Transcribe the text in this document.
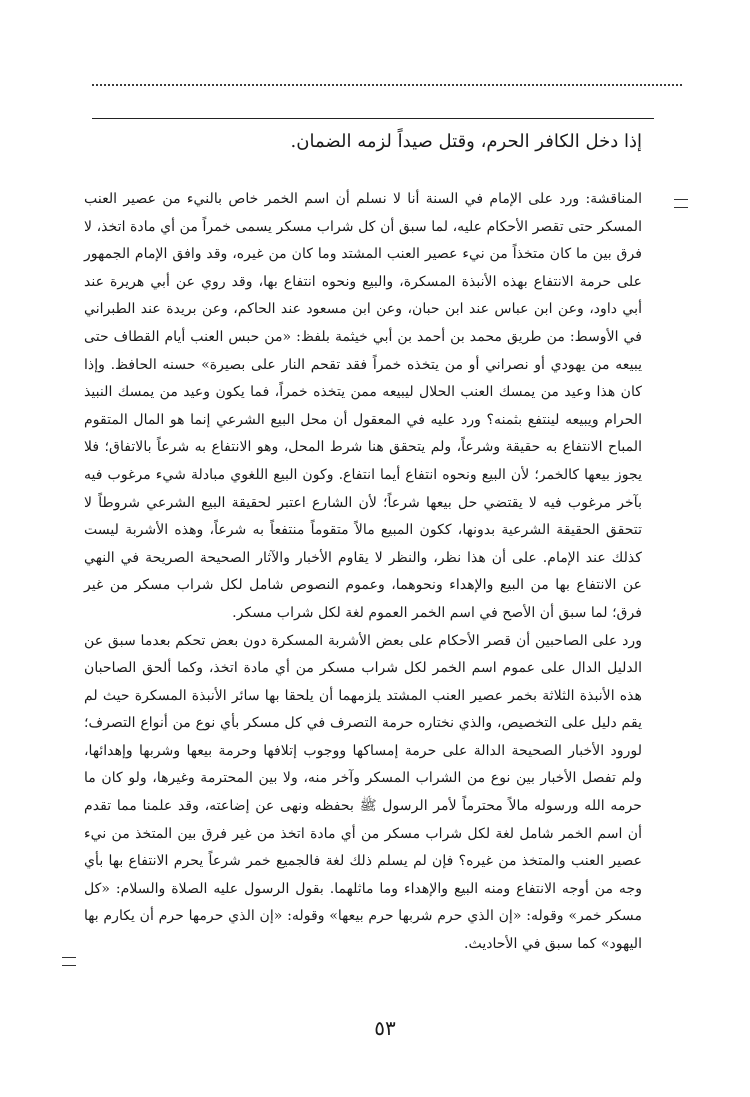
إذا دخل الكافر الحرم، وقتل صيداً لزمه الضمان.

المناقشة: ورد على الإمام في السنة أنا لا نسلم أن اسم الخمر خاص بالنيء من عصير العنب المسكر حتى تقصر الأحكام عليه، لما سبق أن كل شراب مسكر يسمى خمراً من أي مادة اتخذ، لا فرق بين ما كان متخذاً من نيء عصير العنب المشتد وما كان من غيره، وقد وافق الإمام الجمهور على حرمة الانتفاع بهذه الأنبذة المسكرة، والبيع ونحوه انتفاع بها، وقد روي عن أبي هريرة عند أبي داود، وعن ابن عباس عند ابن حبان، وعن ابن مسعود عند الحاكم، وعن بريدة عند الطبراني في الأوسط: من طريق محمد بن أحمد بن أبي خيثمة بلفظ: «من حبس العنب أيام القطاف حتى يبيعه من يهودي أو نصراني أو من يتخذه خمراً فقد تقحم النار على بصيرة» حسنه الحافظ. وإذا كان هذا وعيد من يمسك العنب الحلال ليبيعه ممن يتخذه خمراً، فما يكون وعيد من يمسك النبيذ الحرام ويبيعه لينتفع بثمنه؟ ورد عليه في المعقول أن محل البيع الشرعي إنما هو المال المتقوم المباح الانتفاع به حقيقة وشرعاً، ولم يتحقق هنا شرط المحل، وهو الانتفاع به شرعاً بالاتفاق؛ فلا يجوز بيعها كالخمر؛ لأن البيع ونحوه انتفاع أيما انتفاع. وكون البيع اللغوي مبادلة شيء مرغوب فيه بآخر مرغوب فيه لا يقتضي حل بيعها شرعاً؛ لأن الشارع اعتبر لحقيقة البيع الشرعي شروطاً لا تتحقق الحقيقة الشرعية بدونها، ككون المبيع مالاً متقوماً منتفعاً به شرعاً، وهذه الأشربة ليست كذلك عند الإمام. على أن هذا نظر، والنظر لا يقاوم الأخبار والآثار الصحيحة الصريحة في النهي عن الانتفاع بها من البيع والإهداء ونحوهما، وعموم النصوص شامل لكل شراب مسكر من غير فرق؛ لما سبق أن الأصح في اسم الخمر العموم لغة لكل شراب مسكر.

ورد على الصاحبين أن قصر الأحكام على بعض الأشربة المسكرة دون بعض تحكم بعدما سبق عن الدليل الدال على عموم اسم الخمر لكل شراب مسكر من أي مادة اتخذ، وكما ألحق الصاحبان هذه الأنبذة الثلاثة بخمر عصير العنب المشتد يلزمهما أن يلحقا بها سائر الأنبذة المسكرة حيث لم يقم دليل على التخصيص، والذي نختاره حرمة التصرف في كل مسكر بأي نوع من أنواع التصرف؛ لورود الأخبار الصحيحة الدالة على حرمة إمساكها ووجوب إتلافها وحرمة بيعها وشربها وإهدائها، ولم تفصل الأخبار بين نوع من الشراب المسكر وآخر منه، ولا بين المحترمة وغيرها، ولو كان ما حرمه الله ورسوله مالاً محترماً لأمر الرسول ﷺ بحفظه ونهى عن إضاعته، وقد علمنا مما تقدم أن اسم الخمر شامل لغة لكل شراب مسكر من أي مادة اتخذ من غير فرق بين المتخذ من نيء عصير العنب والمتخذ من غيره؟ فإن لم يسلم ذلك لغة فالجميع خمر شرعاً يحرم الانتفاع بها بأي وجه من أوجه الانتفاع ومنه البيع والإهداء وما ماثلهما. بقول الرسول عليه الصلاة والسلام: «كل مسكر خمر» وقوله: «إن الذي حرم شربها حرم بيعها» وقوله: «إن الذي حرمها حرم أن يكارم بها اليهود» كما سبق في الأحاديث.

٥٣
